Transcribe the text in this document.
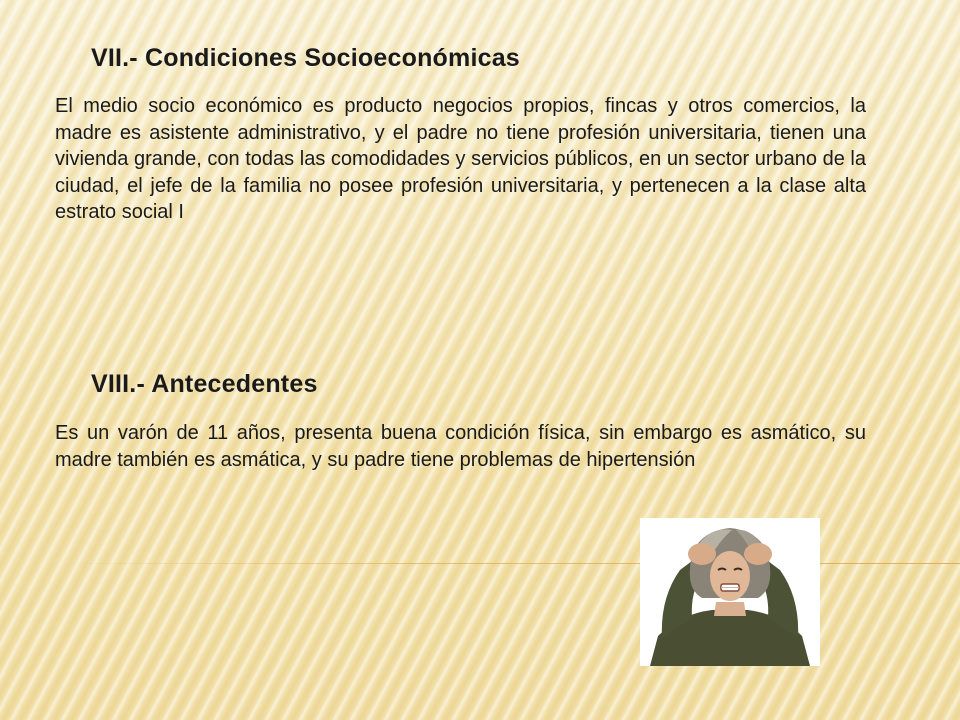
VII.- Condiciones Socioeconómicas

El medio socio económico es producto negocios propios, fincas y otros comercios, la madre es asistente administrativo, y el padre no tiene profesión universitaria, tienen una vivienda grande, con todas las comodidades y servicios públicos, en un sector urbano de la ciudad, el jefe de la familia no posee profesión universitaria, y pertenecen a la clase alta estrato social I

VIII.- Antecedentes

Es un varón de 11 años, presenta buena condición física, sin embargo es asmático, su madre también es asmática, y su padre tiene problemas de hipertensión
